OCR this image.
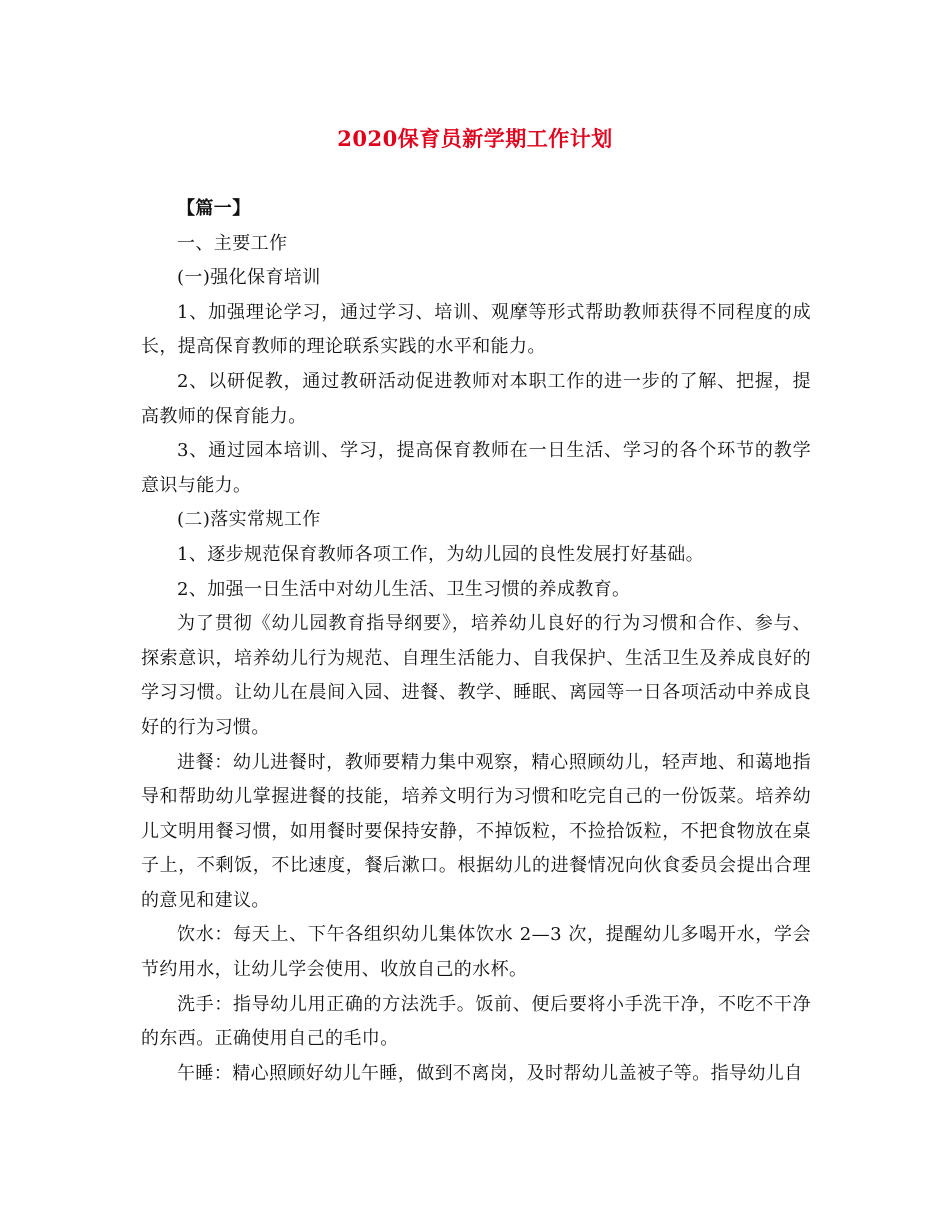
2020保育员新学期工作计划

【篇一】

一、主要工作

(一)强化保育培训

1、加强理论学习，通过学习、培训、观摩等形式帮助教师获得不同程度的成长，提高保育教师的理论联系实践的水平和能力。

2、以研促教，通过教研活动促进教师对本职工作的进一步的了解、把握，提高教师的保育能力。

3、通过园本培训、学习，提高保育教师在一日生活、学习的各个环节的教学意识与能力。

(二)落实常规工作

1、逐步规范保育教师各项工作，为幼儿园的良性发展打好基础。

2、加强一日生活中对幼儿生活、卫生习惯的养成教育。

为了贯彻《幼儿园教育指导纲要》，培养幼儿良好的行为习惯和合作、参与、探索意识，培养幼儿行为规范、自理生活能力、自我保护、生活卫生及养成良好的学习习惯。让幼儿在晨间入园、进餐、教学、睡眠、离园等一日各项活动中养成良好的行为习惯。

进餐：幼儿进餐时，教师要精力集中观察，精心照顾幼儿，轻声地、和蔼地指导和帮助幼儿掌握进餐的技能，培养文明行为习惯和吃完自己的一份饭菜。培养幼儿文明用餐习惯，如用餐时要保持安静，不掉饭粒，不捡拾饭粒，不把食物放在桌子上，不剩饭，不比速度，餐后漱口。根据幼儿的进餐情况向伙食委员会提出合理的意见和建议。

饮水：每天上、下午各组织幼儿集体饮水 2—3 次，提醒幼儿多喝开水，学会节约用水，让幼儿学会使用、收放自己的水杯。

洗手：指导幼儿用正确的方法洗手。饭前、便后要将小手洗干净，不吃不干净的东西。正确使用自己的毛巾。

午睡：精心照顾好幼儿午睡，做到不离岗，及时帮幼儿盖被子等。指导幼儿自
